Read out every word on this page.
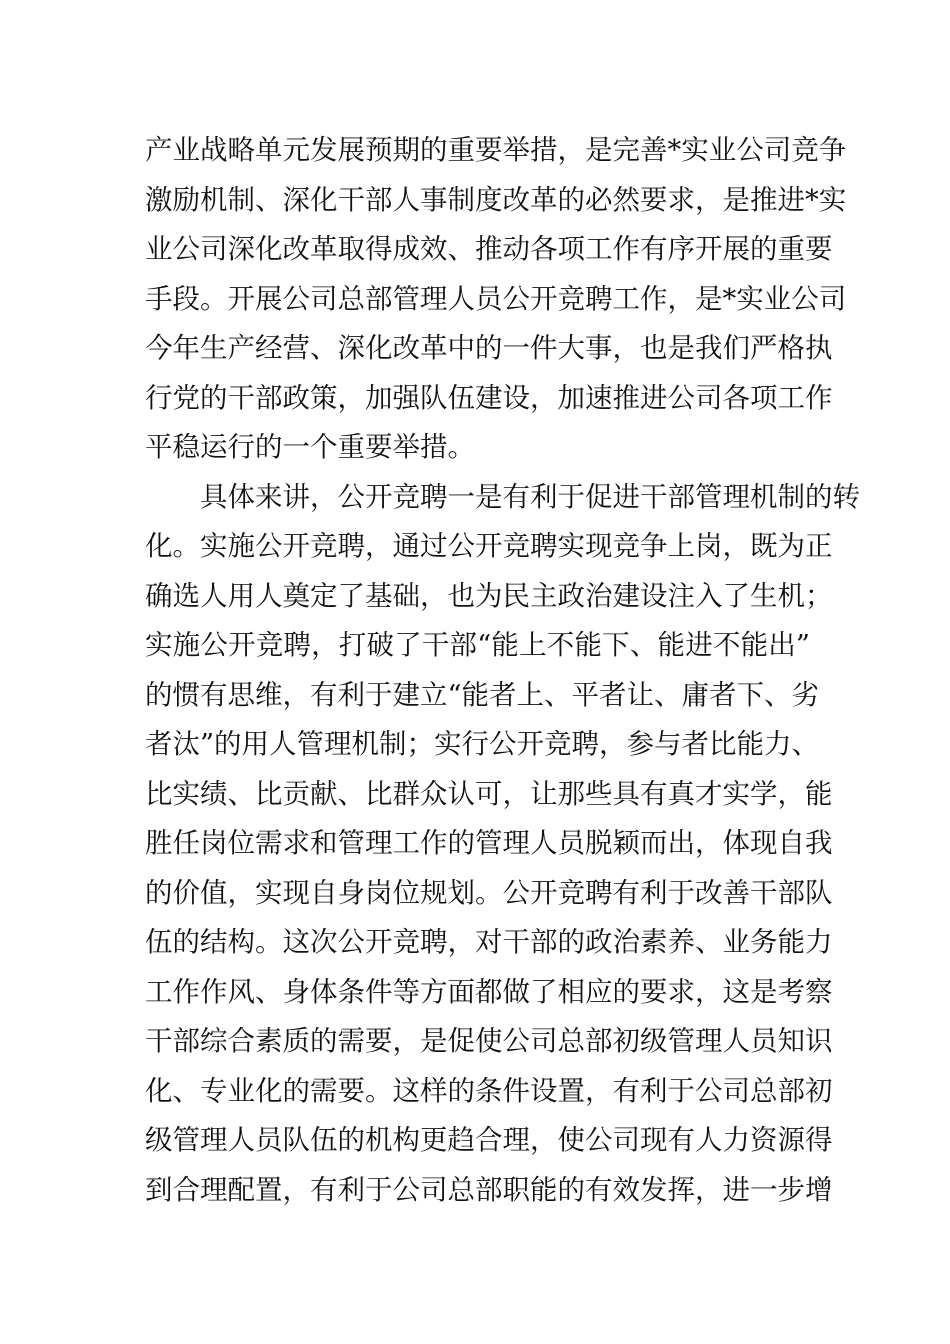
产业战略单元发展预期的重要举措，是完善*实业公司竞争
激励机制、深化干部人事制度改革的必然要求，是推进*实
业公司深化改革取得成效、推动各项工作有序开展的重要
手段。开展公司总部管理人员公开竞聘工作，是*实业公司
今年生产经营、深化改革中的一件大事，也是我们严格执
行党的干部政策，加强队伍建设，加速推进公司各项工作
平稳运行的一个重要举措。
具体来讲，公开竞聘一是有利于促进干部管理机制的转
化。实施公开竞聘，通过公开竞聘实现竞争上岗，既为正
确选人用人奠定了基础，也为民主政治建设注入了生机；
实施公开竞聘，打破了干部“能上不能下、能进不能出”
的惯有思维，有利于建立“能者上、平者让、庸者下、劣
者汰”的用人管理机制；实行公开竞聘，参与者比能力、
比实绩、比贡献、比群众认可，让那些具有真才实学，能
胜任岗位需求和管理工作的管理人员脱颖而出，体现自我
的价值，实现自身岗位规划。公开竞聘有利于改善干部队
伍的结构。这次公开竞聘，对干部的政治素养、业务能力
工作作风、身体条件等方面都做了相应的要求，这是考察
干部综合素质的需要，是促使公司总部初级管理人员知识
化、专业化的需要。这样的条件设置，有利于公司总部初
级管理人员队伍的机构更趋合理，使公司现有人力资源得
到合理配置，有利于公司总部职能的有效发挥，进一步增
